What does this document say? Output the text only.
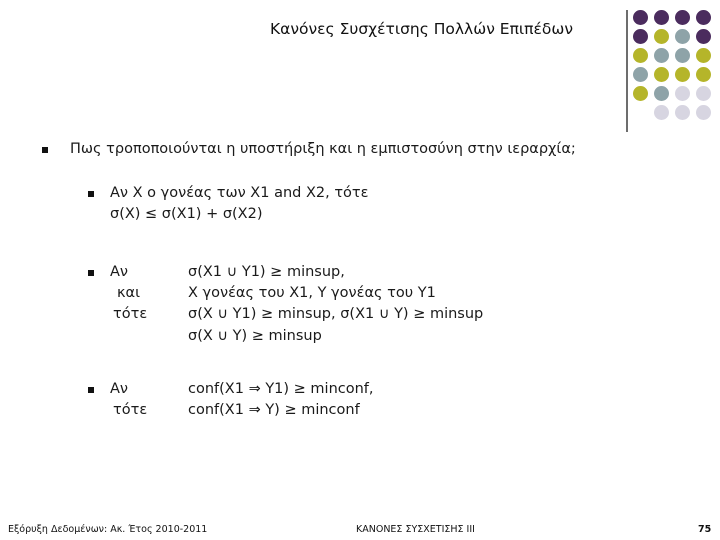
Κανόνες Συσχέτισης Πολλών Επιπέδων
Πως τροποποιούνται η υποστήριξη και η εμπιστοσύνη στην ιεραρχία;
Αν Χ ο γονέας των X1 and X2, τότε
σ(X) ≤ σ(X1) + σ(X2)
Αν
και
τότε
σ(X1 ∪ Y1) ≥ minsup,
X γονέας του X1, Y γονέας του Y1
σ(X ∪ Y1) ≥ minsup, σ(X1 ∪ Y) ≥ minsup
σ(X ∪ Y) ≥ minsup
Αν
τότε
conf(X1 ⇒ Y1) ≥ minconf,
conf(X1 ⇒ Y) ≥ minconf
Εξόρυξη Δεδομένων: Ακ. Έτος 2010-2011	ΚΑΝΟΝΕΣ ΣΥΣΧΕΤΙΣΗΣ ΙΙΙ	75
